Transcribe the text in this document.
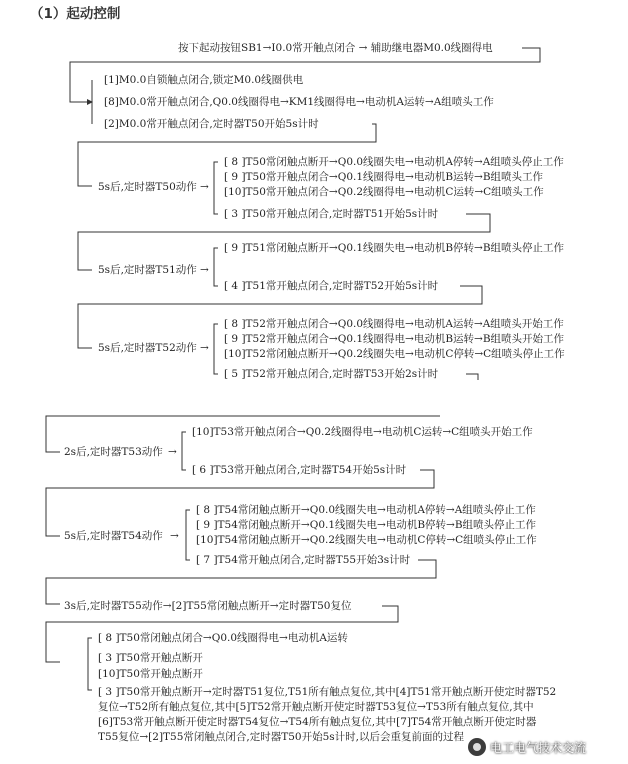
（1）起动控制
按下起动按钮SB1→I0.0常开触点闭合 → 辅助继电器M0.0线圈得电
[1]M0.0自锁触点闭合,锁定M0.0线圈供电
[8]M0.0常开触点闭合,Q0.0线圈得电→KM1线圈得电→电动机A运转→A组喷头工作
[2]M0.0常开触点闭合,定时器T50开始5s计时
5s后,定时器T50动作 →
[ 8 ]T50常闭触点断开→Q0.0线圈失电→电动机A停转→A组喷头停止工作
[ 9 ]T50常开触点闭合→Q0.1线圈得电→电动机B运转→B组喷头工作
[10]T50常开触点闭合→Q0.2线圈得电→电动机C运转→C组喷头工作
[ 3 ]T50常开触点闭合,定时器T51开始5s计时
5s后,定时器T51动作 →
[ 9 ]T51常闭触点断开→Q0.1线圈失电→电动机B停转→B组喷头停止工作
[ 4 ]T51常开触点闭合,定时器T52开始5s计时
5s后,定时器T52动作 →
[ 8 ]T52常开触点闭合→Q0.0线圈得电→电动机A运转→A组喷头开始工作
[ 9 ]T52常开触点闭合→Q0.1线圈得电→电动机B运转→B组喷头开始工作
[10]T52常闭触点断开→Q0.2线圈失电→电动机C停转→C组喷头停止工作
[ 5 ]T52常开触点闭合,定时器T53开始2s计时
2s后,定时器T53动作 →
[10]T53常开触点闭合→Q0.2线圈得电→电动机C运转→C组喷头开始工作
[ 6 ]T53常开触点闭合,定时器T54开始5s计时
5s后,定时器T54动作 →
[ 8 ]T54常闭触点断开→Q0.0线圈失电→电动机A停转→A组喷头停止工作
[ 9 ]T54常闭触点断开→Q0.1线圈失电→电动机B停转→B组喷头停止工作
[10]T54常闭触点断开→Q0.2线圈失电→电动机C停转→C组喷头停止工作
[ 7 ]T54常开触点闭合,定时器T55开始3s计时
3s后,定时器T55动作→[2]T55常闭触点断开→定时器T50复位
[ 8 ]T50常闭触点闭合→Q0.0线圈得电→电动机A运转
[ 3 ]T50常开触点断开
[10]T50常开触点断开
[ 3 ]T50常开触点断开→定时器T51复位,T51所有触点复位,其中[4]T51常开触点断开使定时器T52
复位→T52所有触点复位,其中[5]T52常开触点断开使定时器T53复位→T53所有触点复位,其中
[6]T53常开触点断开使定时器T54复位→T54所有触点复位,其中[7]T54常开触点断开使定时器
T55复位→[2]T55常闭触点闭合,定时器T50开始5s计时,以后会重复前面的过程
电工电气技术交流
